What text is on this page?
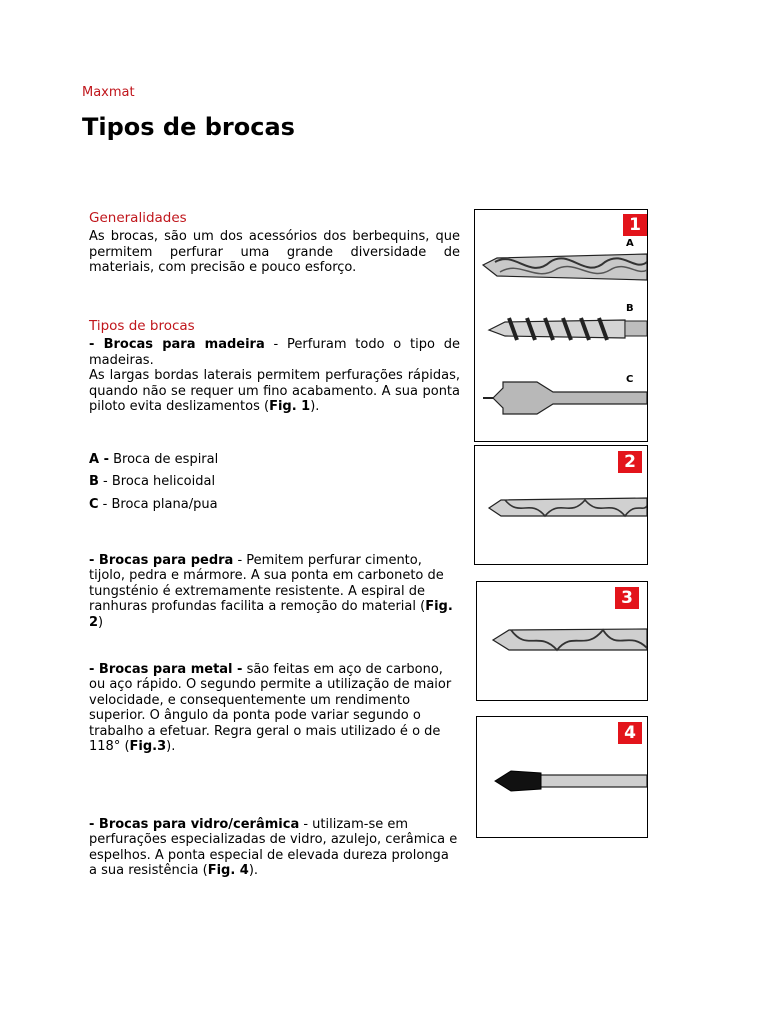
Maxmat
Tipos de brocas

Generalidades

As brocas, são um dos acessórios dos berbequins, que permitem perfurar uma grande diversidade de materiais, com precisão e pouco esforço.

Tipos de brocas

- Brocas para madeira - Perfuram todo o tipo de madeiras.

As largas bordas laterais permitem perfurações rápidas, quando não se requer um fino acabamento. A sua ponta piloto evita deslizamentos (Fig. 1).

A - Broca de espiral

B - Broca helicoidal

C - Broca plana/pua

- Brocas para pedra - Pemitem perfurar cimento, tijolo, pedra e mármore. A sua ponta em carboneto de tungsténio é extremamente resistente. A espiral de ranhuras profundas facilita a remoção do material (Fig. 2)

- Brocas para metal - são feitas em aço de carbono, ou aço rápido. O segundo permite a utilização de maior velocidade, e consequentemente um rendimento superior. O ângulo da ponta pode variar segundo o trabalho a efetuar. Regra geral o mais utilizado é o de 118° (Fig.3).

- Brocas para vidro/cerâmica - utilizam-se em perfurações especializadas de vidro, azulejo, cerâmica e espelhos. A ponta especial de elevada dureza prolonga a sua resistência (Fig. 4).

1
A
B
C
2
3
4
